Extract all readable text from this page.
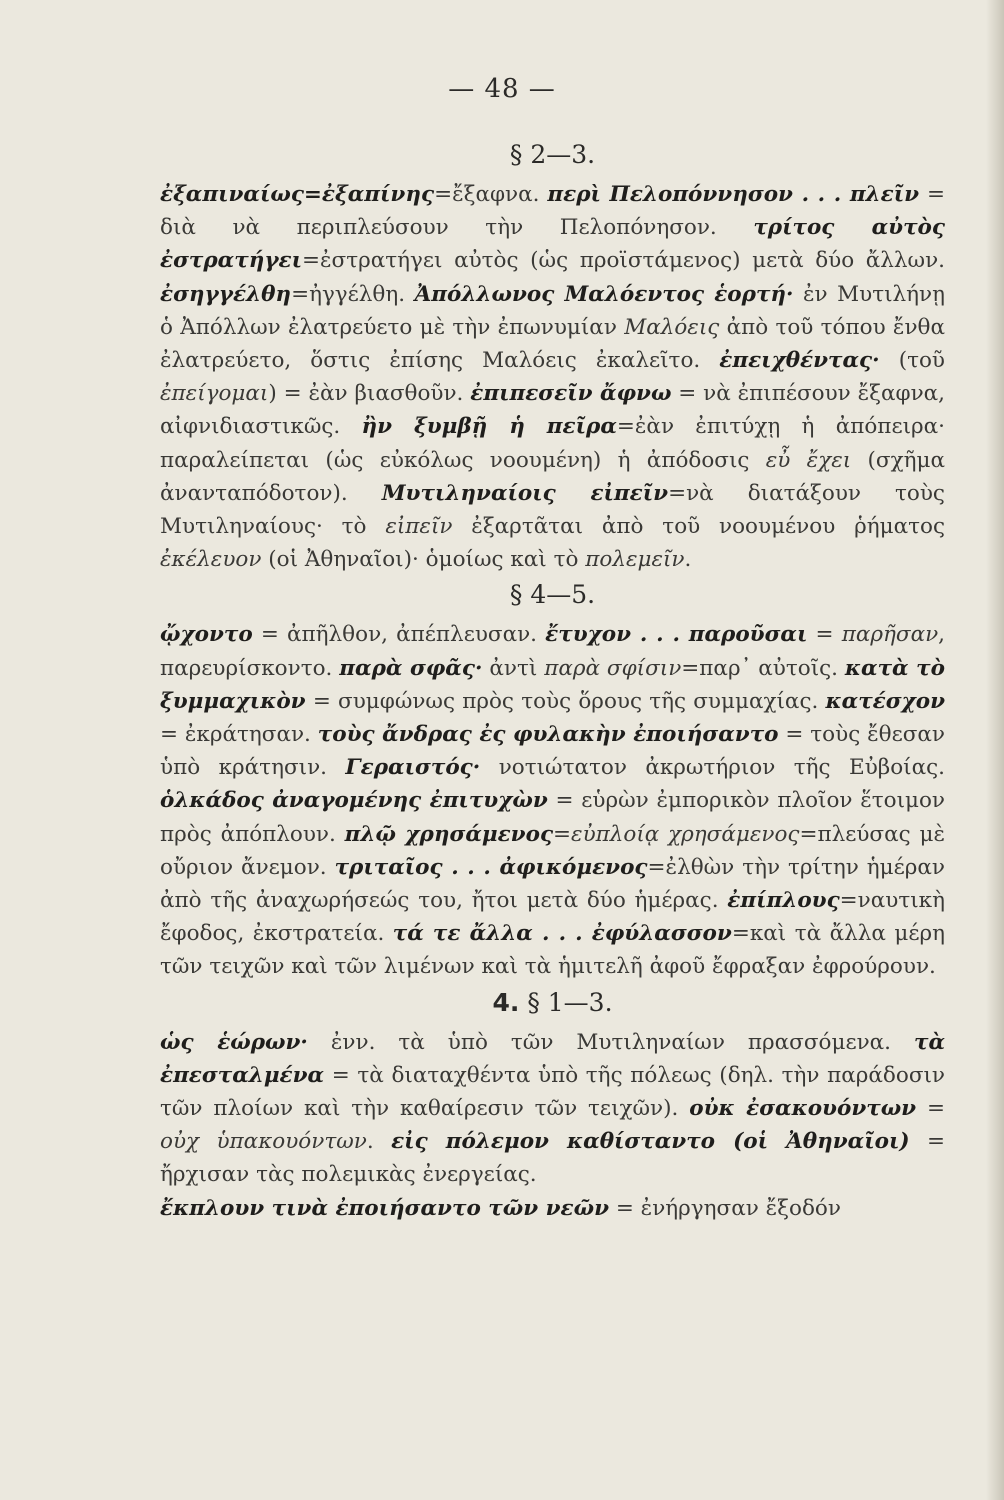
— 48 —
§ 2—3.

ἐξαπιναίως=ἐξαπίνης=ἔξαφνα. περὶ Πελοπόννησον . . . πλεῖν = διὰ νὰ περιπλεύσουν τὴν Πελοπόνησον. τρίτος αὐτὸς ἐστρατήγει=ἐστρατήγει αὐτὸς (ὡς προϊστάμενος) μετὰ δύο ἄλλων. ἐσηγγέλθη=ἠγγέλθη. Ἀπόλλωνος Μαλόεντος ἑορτή· ἐν Μυτιλήνῃ ὁ Ἀπόλλων ἐλατρεύετο μὲ τὴν ἐπωνυμίαν Μαλόεις ἀπὸ τοῦ τόπου ἔνθα ἐλατρεύετο, ὅστις ἐπίσης Μαλόεις ἐκαλεῖτο. ἐπειχθέντας· (τοῦ ἐπείγομαι) = ἐὰν βιασθοῦν. ἐπιπεσεῖν ἄφνω = νὰ ἐπιπέσουν ἔξαφνα, αἰφνιδιαστικῶς. ἢν ξυμβῇ ἡ πεῖρα=ἐὰν ἐπιτύχῃ ἡ ἀπόπειρα· παραλείπεται (ὡς εὐκόλως νοουμένη) ἡ ἀπόδοσις εὖ ἔχει (σχῆμα ἀνανταπόδοτον). Μυτιληναίοις εἰπεῖν=νὰ διατάξουν τοὺς Μυτιληναίους· τὸ εἰπεῖν ἐξαρτᾶται ἀπὸ τοῦ νοουμένου ῥήματος ἐκέλευον (οἱ Ἀθηναῖοι)· ὁμοίως καὶ τὸ πολεμεῖν.

§ 4—5.

ᾤχοντο = ἀπῆλθον, ἀπέπλευσαν. ἔτυχον . . . παροῦσαι = παρῆσαν, παρευρίσκοντο. παρὰ σφᾶς· ἀντὶ παρὰ σφίσιν=παρ᾽ αὐτοῖς. κατὰ τὸ ξυμμαχικὸν = συμφώνως πρὸς τοὺς ὅρους τῆς συμμαχίας. κατέσχον = ἐκράτησαν. τοὺς ἄνδρας ἐς φυλακὴν ἐποιήσαντο = τοὺς ἔθεσαν ὑπὸ κράτησιν. Γεραιστός· νοτιώτατον ἀκρωτήριον τῆς Εὐβοίας. ὁλκάδος ἀναγομένης ἐπιτυχὼν = εὑρὼν ἐμπορικὸν πλοῖον ἕτοιμον πρὸς ἀπόπλουν. πλῷ χρησάμενος=εὐπλοίᾳ χρησάμενος=πλεύσας μὲ οὔριον ἄνεμον. τριταῖος . . . ἀφικόμενος=ἐλθὼν τὴν τρίτην ἡμέραν ἀπὸ τῆς ἀναχωρήσεώς του, ἤτοι μετὰ δύο ἡμέρας. ἐπίπλους=ναυτικὴ ἔφοδος, ἐκστρατεία. τά τε ἄλλα . . . ἐφύλασσον=καὶ τὰ ἄλλα μέρη τῶν τειχῶν καὶ τῶν λιμένων καὶ τὰ ἡμιτελῆ ἀφοῦ ἔφραξαν ἐφρούρουν.

4. § 1—3.

ὡς ἑώρων· ἐνν. τὰ ὑπὸ τῶν Μυτιληναίων πρασσόμενα. τὰ ἐπεσταλμένα = τὰ διαταχθέντα ὑπὸ τῆς πόλεως (δηλ. τὴν παράδοσιν τῶν πλοίων καὶ τὴν καθαίρεσιν τῶν τειχῶν). οὐκ ἐσακουόντων = οὐχ ὑπακουόντων. εἰς πόλεμον καθίσταντο (οἱ Ἀθηναῖοι) = ἤρχισαν τὰς πολεμικὰς ἐνεργείας.

ἔκπλουν τινὰ ἐποιήσαντο τῶν νεῶν = ἐνήργησαν ἔξοδόν
